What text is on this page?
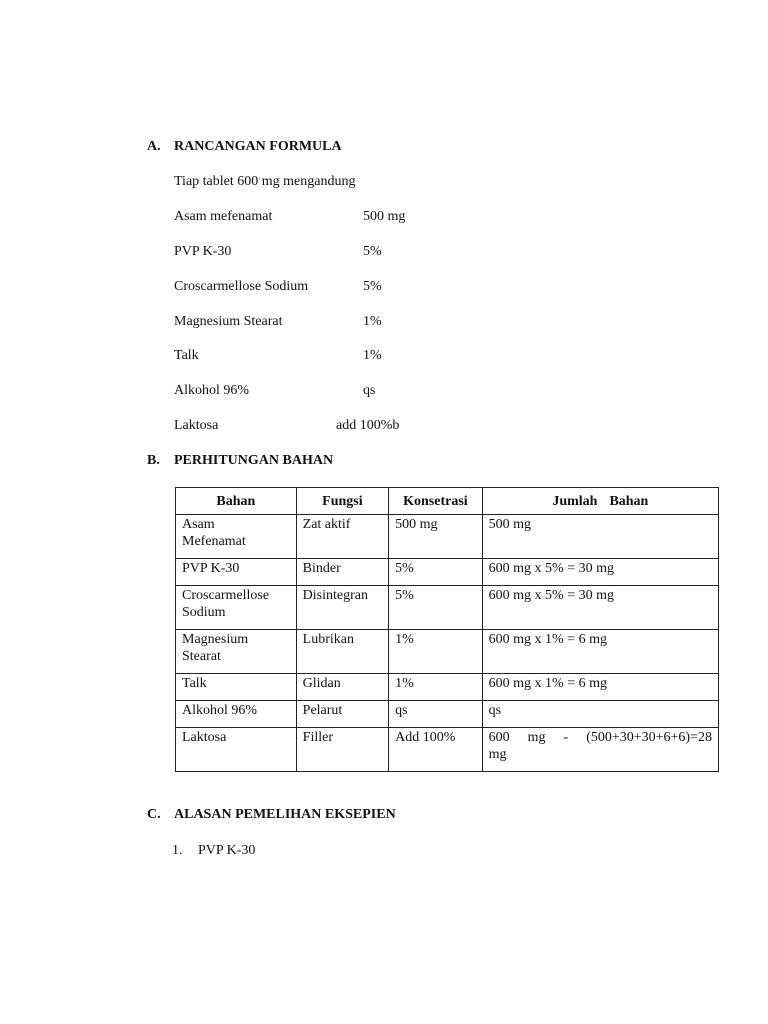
A. RANCANGAN FORMULA
Tiap tablet 600 mg mengandung
Asam mefenamat	500 mg
PVP K-30	5%
Croscarmellose Sodium	5%
Magnesium Stearat	1%
Talk	1%
Alkohol 96%	qs
Laktosa	add 100%b
B. PERHITUNGAN BAHAN
Bahan	Fungsi	Konsetrasi	Jumlah Bahan

Asam
Mefenamat	Zat aktif	500 mg	500 mg
PVP K-30	Binder	5%	600 mg x 5% = 30 mg

Croscarmellose
Sodium	Disintegran	5%	600 mg x 5% = 30 mg

Magnesium
Stearat	Lubrikan	1%	600 mg x 1% = 6 mg
Talk	Glidan	1%	600 mg x 1% = 6 mg
Alkohol 96%	Pelarut	qs	qs
Laktosa	Filler	Add 100%	600 mg - (500+30+30+6+6)=28
mg
C. ALASAN PEMELIHAN EKSEPIEN
1. PVP K-30
